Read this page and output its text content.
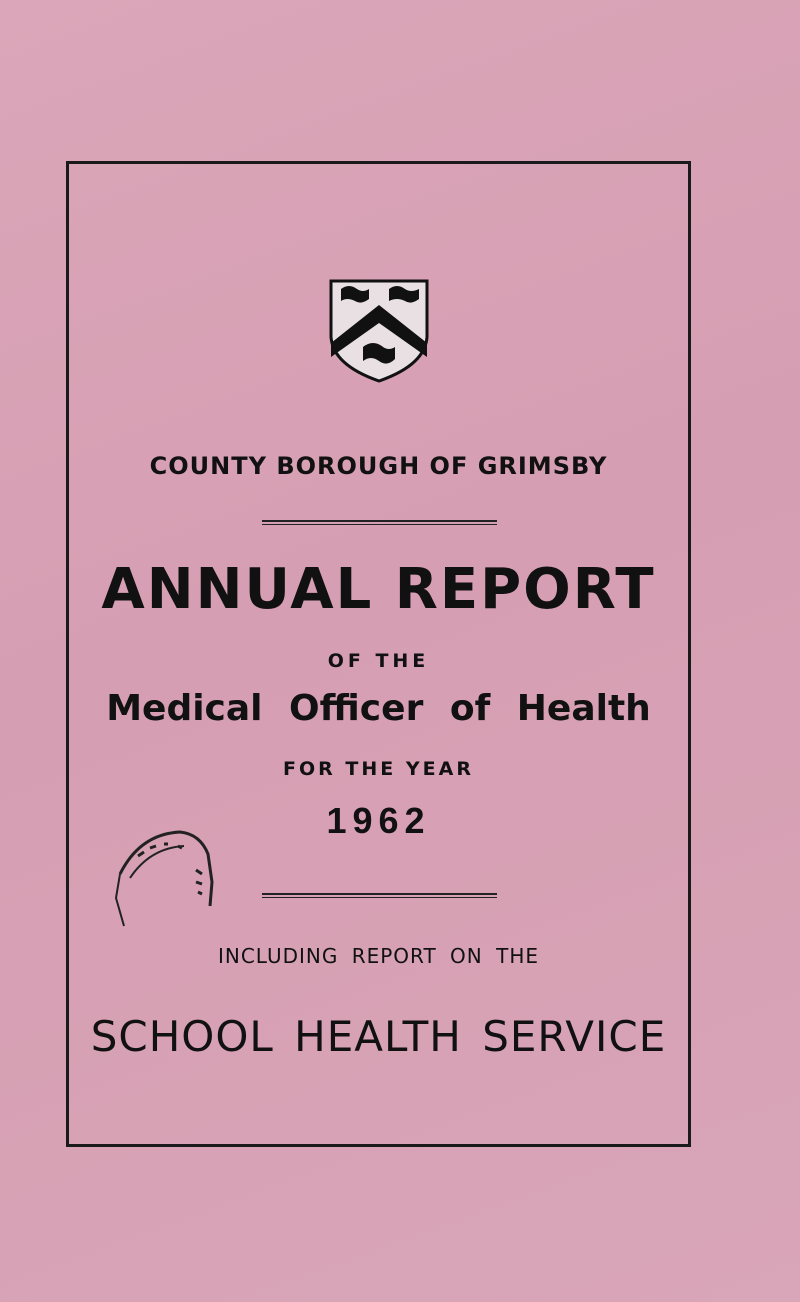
COUNTY BOROUGH OF GRIMSBY
ANNUAL REPORT
OF THE
Medical Officer of Health
FOR THE YEAR
1962
INCLUDING REPORT ON THE
SCHOOL HEALTH SERVICE
